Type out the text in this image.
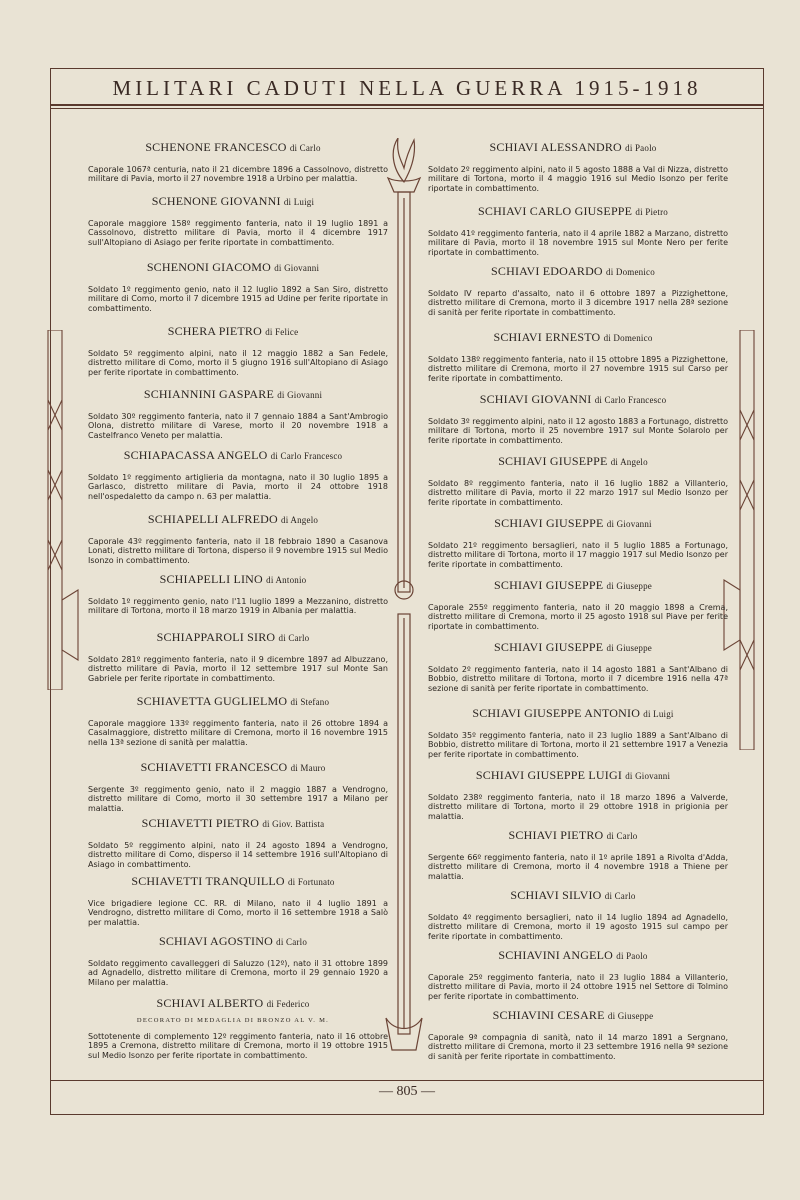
MILITARI CADUTI NELLA GUERRA 1915-1918
SCHENONE FRANCESCO di Carlo
Caporale 1067ª centuria, nato il 21 dicembre 1896 a Cassolnovo, distretto militare di Pavia, morto il 27 novembre 1918 a Urbino per malattia.
SCHENONE GIOVANNI di Luigi
Caporale maggiore 158º reggimento fanteria, nato il 19 luglio 1891 a Cassolnovo, distretto militare di Pavia, morto il 4 dicembre 1917 sull'Altopiano di Asiago per ferite riportate in combattimento.
SCHENONI GIACOMO di Giovanni
Soldato 1º reggimento genio, nato il 12 luglio 1892 a San Siro, distretto militare di Como, morto il 7 dicembre 1915 ad Udine per ferite riportate in combattimento.
SCHERA PIETRO di Felice
Soldato 5º reggimento alpini, nato il 12 maggio 1882 a San Fedele, distretto militare di Como, morto il 5 giugno 1916 sull'Altopiano di Asiago per ferite riportate in combattimento.
SCHIANNINI GASPARE di Giovanni
Soldato 30º reggimento fanteria, nato il 7 gennaio 1884 a Sant'Ambrogio Olona, distretto militare di Varese, morto il 20 novembre 1918 a Castelfranco Veneto per malattia.
SCHIAPACASSA ANGELO di Carlo Francesco
Soldato 1º reggimento artiglieria da montagna, nato il 30 luglio 1895 a Garlasco, distretto militare di Pavia, morto il 24 ottobre 1918 nell'ospedaletto da campo n. 63 per malattia.
SCHIAPELLI ALFREDO di Angelo
Caporale 43º reggimento fanteria, nato il 18 febbraio 1890 a Casanova Lonati, distretto militare di Tortona, disperso il 9 novembre 1915 sul Medio Isonzo in combattimento.
SCHIAPELLI LINO di Antonio
Soldato 1º reggimento genio, nato l'11 luglio 1899 a Mezzanino, distretto militare di Tortona, morto il 18 marzo 1919 in Albania per malattia.
SCHIAPPAROLI SIRO di Carlo
Soldato 281º reggimento fanteria, nato il 9 dicembre 1897 ad Albuzzano, distretto militare di Pavia, morto il 12 settembre 1917 sul Monte San Gabriele per ferite riportate in combattimento.
SCHIAVETTA GUGLIELMO di Stefano
Caporale maggiore 133º reggimento fanteria, nato il 26 ottobre 1894 a Casalmaggiore, distretto militare di Cremona, morto il 16 novembre 1915 nella 13ª sezione di sanità per malattia.
SCHIAVETTI FRANCESCO di Mauro
Sergente 3º reggimento genio, nato il 2 maggio 1887 a Vendrogno, distretto militare di Como, morto il 30 settembre 1917 a Milano per malattia.
SCHIAVETTI PIETRO di Giov. Battista
Soldato 5º reggimento alpini, nato il 24 agosto 1894 a Vendrogno, distretto militare di Como, disperso il 14 settembre 1916 sull'Altopiano di Asiago in combattimento.
SCHIAVETTI TRANQUILLO di Fortunato
Vice brigadiere legione CC. RR. di Milano, nato il 4 luglio 1891 a Vendrogno, distretto militare di Como, morto il 16 settembre 1918 a Salò per malattia.
SCHIAVI AGOSTINO di Carlo
Soldato reggimento cavalleggeri di Saluzzo (12º), nato il 31 ottobre 1899 ad Agnadello, distretto militare di Cremona, morto il 29 gennaio 1920 a Milano per malattia.
SCHIAVI ALBERTO di Federico
DECORATO DI MEDAGLIA DI BRONZO AL V. M.
Sottotenente di complemento 12º reggimento fanteria, nato il 16 ottobre 1895 a Cremona, distretto militare di Cremona, morto il 19 ottobre 1915 sul Medio Isonzo per ferite riportate in combattimento.
SCHIAVI ALESSANDRO di Paolo
Soldato 2º reggimento alpini, nato il 5 agosto 1888 a Val di Nizza, distretto militare di Tortona, morto il 4 maggio 1916 sul Medio Isonzo per ferite riportate in combattimento.
SCHIAVI CARLO GIUSEPPE di Pietro
Soldato 41º reggimento fanteria, nato il 4 aprile 1882 a Marzano, distretto militare di Pavia, morto il 18 novembre 1915 sul Monte Nero per ferite riportate in combattimento.
SCHIAVI EDOARDO di Domenico
Soldato IV reparto d'assalto, nato il 6 ottobre 1897 a Pizzighettone, distretto militare di Cremona, morto il 3 dicembre 1917 nella 28ª sezione di sanità per ferite riportate in combattimento.
SCHIAVI ERNESTO di Domenico
Soldato 138º reggimento fanteria, nato il 15 ottobre 1895 a Pizzighettone, distretto militare di Cremona, morto il 27 novembre 1915 sul Carso per ferite riportate in combattimento.
SCHIAVI GIOVANNI di Carlo Francesco
Soldato 3º reggimento alpini, nato il 12 agosto 1883 a Fortunago, distretto militare di Tortona, morto il 25 novembre 1917 sul Monte Solarolo per ferite riportate in combattimento.
SCHIAVI GIUSEPPE di Angelo
Soldato 8º reggimento fanteria, nato il 16 luglio 1882 a Villanterio, distretto militare di Pavia, morto il 22 marzo 1917 sul Medio Isonzo per ferite riportate in combattimento.
SCHIAVI GIUSEPPE di Giovanni
Soldato 21º reggimento bersaglieri, nato il 5 luglio 1885 a Fortunago, distretto militare di Tortona, morto il 17 maggio 1917 sul Medio Isonzo per ferite riportate in combattimento.
SCHIAVI GIUSEPPE di Giuseppe
Caporale 255º reggimento fanteria, nato il 20 maggio 1898 a Crema, distretto militare di Cremona, morto il 25 agosto 1918 sul Piave per ferite riportate in combattimento.
SCHIAVI GIUSEPPE di Giuseppe
Soldato 2º reggimento fanteria, nato il 14 agosto 1881 a Sant'Albano di Bobbio, distretto militare di Tortona, morto il 7 dicembre 1916 nella 47ª sezione di sanità per ferite riportate in combattimento.
SCHIAVI GIUSEPPE ANTONIO di Luigi
Soldato 35º reggimento fanteria, nato il 23 luglio 1889 a Sant'Albano di Bobbio, distretto militare di Tortona, morto il 21 settembre 1917 a Venezia per ferite riportate in combattimento.
SCHIAVI GIUSEPPE LUIGI di Giovanni
Soldato 238º reggimento fanteria, nato il 18 marzo 1896 a Valverde, distretto militare di Tortona, morto il 29 ottobre 1918 in prigionia per malattia.
SCHIAVI PIETRO di Carlo
Sergente 66º reggimento fanteria, nato il 1º aprile 1891 a Rivolta d'Adda, distretto militare di Cremona, morto il 4 novembre 1918 a Thiene per malattia.
SCHIAVI SILVIO di Carlo
Soldato 4º reggimento bersaglieri, nato il 14 luglio 1894 ad Agnadello, distretto militare di Cremona, morto il 19 agosto 1915 sul campo per ferite riportate in combattimento.
SCHIAVINI ANGELO di Paolo
Caporale 25º reggimento fanteria, nato il 23 luglio 1884 a Villanterio, distretto militare di Pavia, morto il 24 ottobre 1915 nel Settore di Tolmino per ferite riportate in combattimento.
SCHIAVINI CESARE di Giuseppe
Caporale 9ª compagnia di sanità, nato il 14 marzo 1891 a Sergnano, distretto militare di Cremona, morto il 23 settembre 1916 nella 9ª sezione di sanità per ferite riportate in combattimento.
— 805 —
